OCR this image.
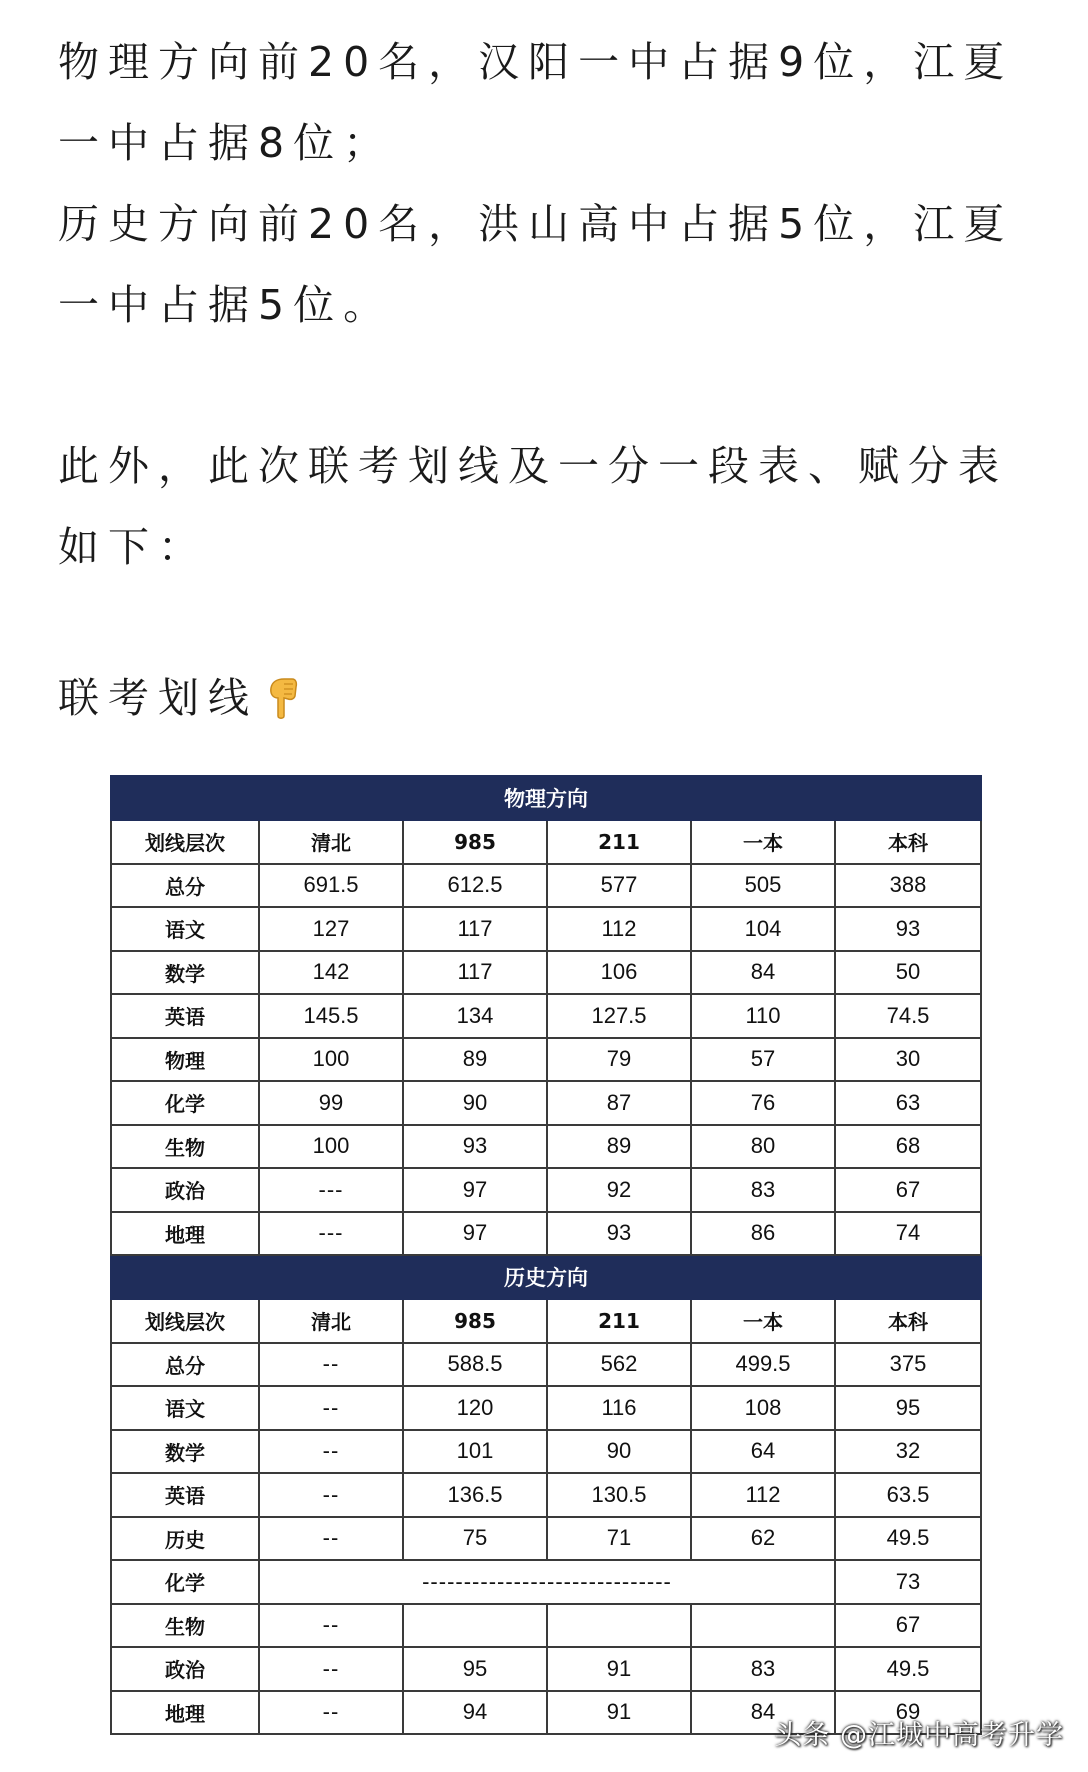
物理方向前20名，汉阳一中占据9位，江夏一中占据8位；

历史方向前20名，洪山高中占据5位，江夏一中占据5位。

此外，此次联考划线及一分一段表、赋分表如下：

联考划线
物理方向					
划线层次	清北	985	211	一本	本科
总分	691.5	612.5	577	505	388
语文	127	117	112	104	93
数学	142	117	106	84	50
英语	145.5	134	127.5	110	74.5
物理	100	89	79	57	30
化学	99	90	87	76	63
生物	100	93	89	80	68
政治	---	97	92	83	67
地理	---	97	93	86	74
历史方向					
划线层次	清北	985	211	一本	本科
总分	--	588.5	562	499.5	375
语文	--	120	116	108	95
数学	--	101	90	64	32
英语	--	136.5	130.5	112	63.5
历史	--	75	71	62	49.5
化学	------------------------------				73
生物	--				67
政治	--	95	91	83	49.5
地理	--	94	91	84	69
头条 @江城中高考升学
